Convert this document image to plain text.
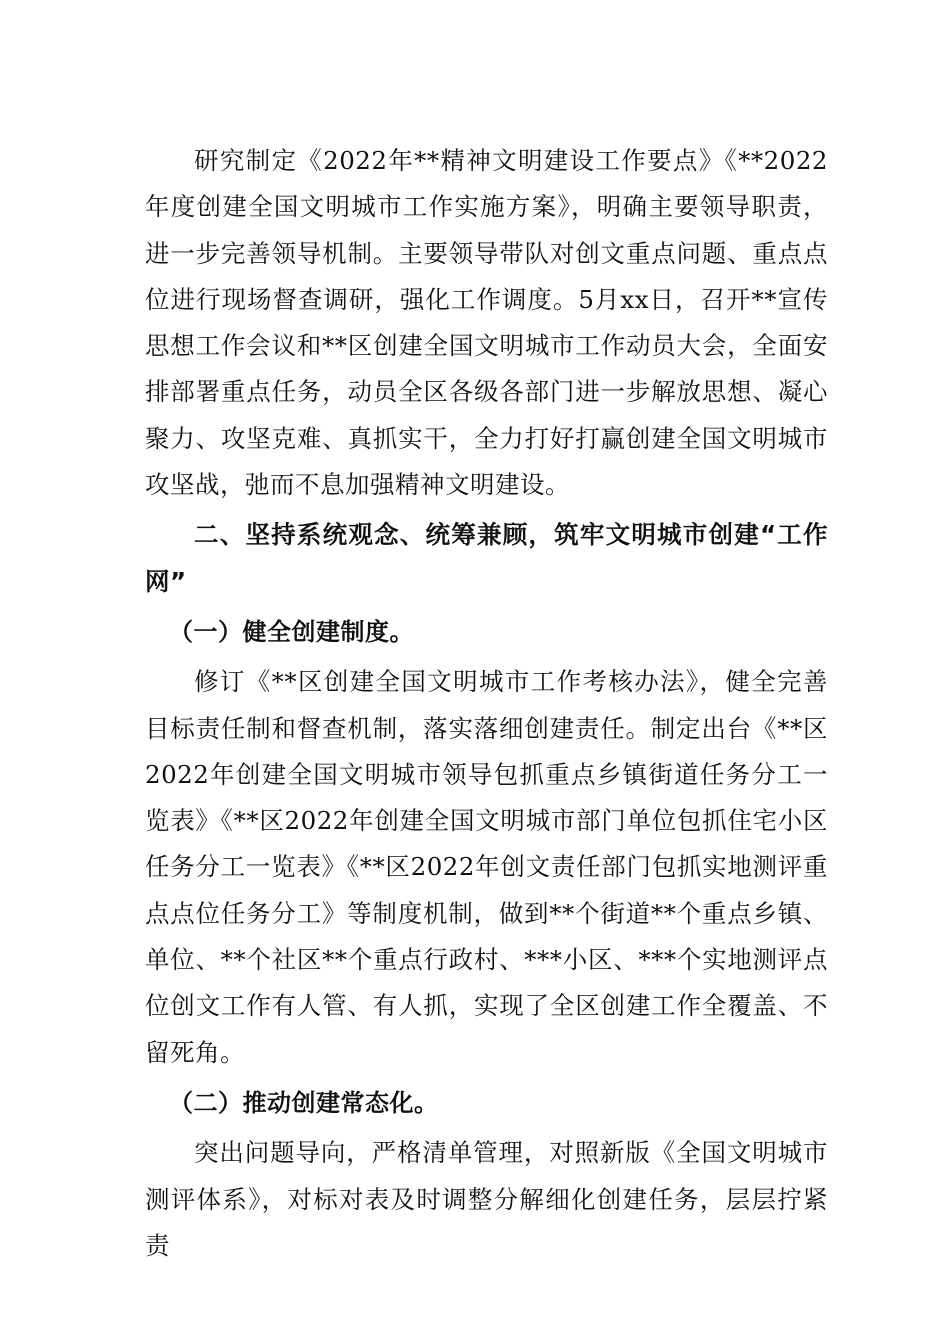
研究制定《2022年**精神文明建设工作要点》《**2022年度创建全国文明城市工作实施方案》，明确主要领导职责，进一步完善领导机制。主要领导带队对创文重点问题、重点点位进行现场督查调研，强化工作调度。5月xx日，召开**宣传思想工作会议和**区创建全国文明城市工作动员大会，全面安排部署重点任务，动员全区各级各部门进一步解放思想、凝心聚力、攻坚克难、真抓实干，全力打好打赢创建全国文明城市攻坚战，弛而不息加强精神文明建设。

二、坚持系统观念、统筹兼顾，筑牢文明城市创建“工作网”

（一）健全创建制度。

修订《**区创建全国文明城市工作考核办法》，健全完善目标责任制和督查机制，落实落细创建责任。制定出台《**区2022年创建全国文明城市领导包抓重点乡镇街道任务分工一览表》《**区2022年创建全国文明城市部门单位包抓住宅小区任务分工一览表》《**区2022年创文责任部门包抓实地测评重点点位任务分工》等制度机制，做到**个街道**个重点乡镇、单位、**个社区**个重点行政村、***小区、***个实地测评点位创文工作有人管、有人抓，实现了全区创建工作全覆盖、不留死角。

（二）推动创建常态化。

突出问题导向，严格清单管理，对照新版《全国文明城市测评体系》，对标对表及时调整分解细化创建任务，层层拧紧责
